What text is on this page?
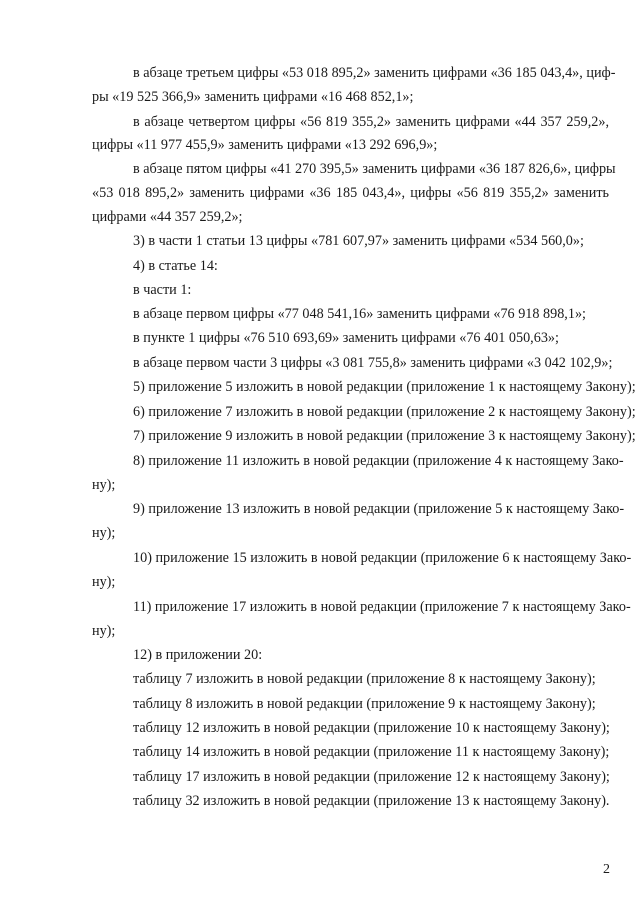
в абзаце третьем цифры «53 018 895,2» заменить цифрами «36 185 043,4», циф-
ры «19 525 366,9» заменить цифрами «16 468 852,1»;
в абзаце четвертом цифры «56 819 355,2» заменить цифрами «44 357 259,2»,
цифры «11 977 455,9» заменить цифрами «13 292 696,9»;
в абзаце пятом цифры «41 270 395,5» заменить цифрами «36 187 826,6», цифры
«53 018 895,2» заменить цифрами «36 185 043,4», цифры «56 819 355,2» заменить
цифрами «44 357 259,2»;
3) в части 1 статьи 13 цифры «781 607,97» заменить цифрами «534 560,0»;
4) в статье 14:
в части 1:
в абзаце первом цифры «77 048 541,16» заменить цифрами «76 918 898,1»;
в пункте 1 цифры «76 510 693,69» заменить цифрами «76 401 050,63»;
в абзаце первом части 3 цифры «3 081 755,8» заменить цифрами «3 042 102,9»;
5) приложение 5 изложить в новой редакции (приложение 1 к настоящему Закону);
6) приложение 7 изложить в новой редакции (приложение 2 к настоящему Закону);
7) приложение 9 изложить в новой редакции (приложение 3 к настоящему Закону);
8) приложение 11 изложить в новой редакции (приложение 4 к настоящему Зако-
ну);
9) приложение 13 изложить в новой редакции (приложение 5 к настоящему Зако-
ну);
10) приложение 15 изложить в новой редакции (приложение 6 к настоящему Зако-
ну);
11) приложение 17 изложить в новой редакции (приложение 7 к настоящему Зако-
ну);
12) в приложении 20:
таблицу 7 изложить в новой редакции (приложение 8 к настоящему Закону);
таблицу 8 изложить в новой редакции (приложение 9 к настоящему Закону);
таблицу 12 изложить в новой редакции (приложение 10 к настоящему Закону);
таблицу 14 изложить в новой редакции (приложение 11 к настоящему Закону);
таблицу 17 изложить в новой редакции (приложение 12 к настоящему Закону);
таблицу 32 изложить в новой редакции (приложение 13 к настоящему Закону).
2
